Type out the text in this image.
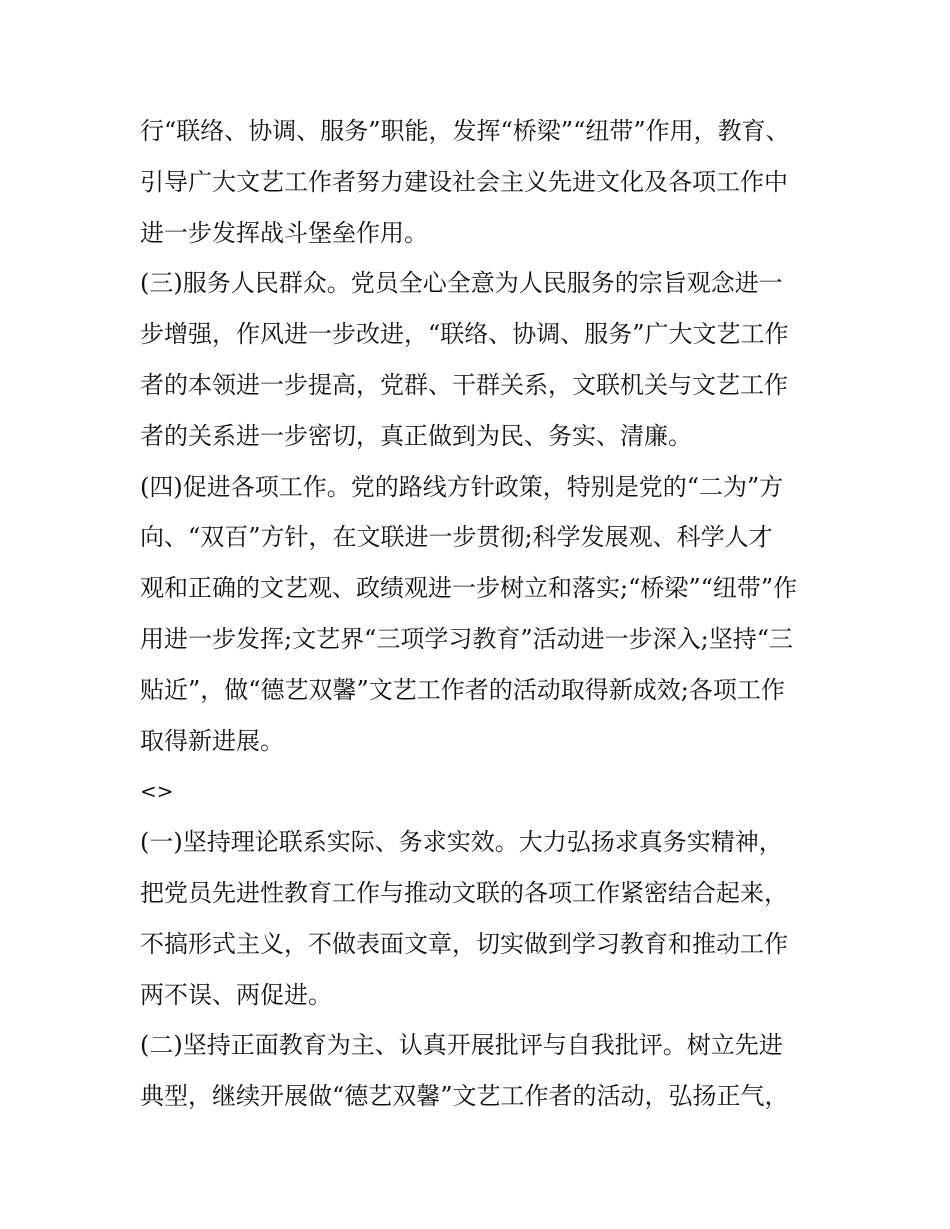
行“联络、协调、服务”职能，发挥“桥梁”“纽带”作用，教育、
引导广大文艺工作者努力建设社会主义先进文化及各项工作中
进一步发挥战斗堡垒作用。
(三)服务人民群众。党员全心全意为人民服务的宗旨观念进一
步增强，作风进一步改进，“联络、协调、服务”广大文艺工作
者的本领进一步提高，党群、干群关系，文联机关与文艺工作
者的关系进一步密切，真正做到为民、务实、清廉。
(四)促进各项工作。党的路线方针政策，特别是党的“二为”方
向、“双百”方针，在文联进一步贯彻;科学发展观、科学人才
观和正确的文艺观、政绩观进一步树立和落实;“桥梁”“纽带”作
用进一步发挥;文艺界“三项学习教育”活动进一步深入;坚持“三
贴近”，做“德艺双馨”文艺工作者的活动取得新成效;各项工作
取得新进展。
<>
(一)坚持理论联系实际、务求实效。大力弘扬求真务实精神，
把党员先进性教育工作与推动文联的各项工作紧密结合起来，
不搞形式主义，不做表面文章，切实做到学习教育和推动工作
两不误、两促进。
(二)坚持正面教育为主、认真开展批评与自我批评。树立先进
典型，继续开展做“德艺双馨”文艺工作者的活动，弘扬正气，
